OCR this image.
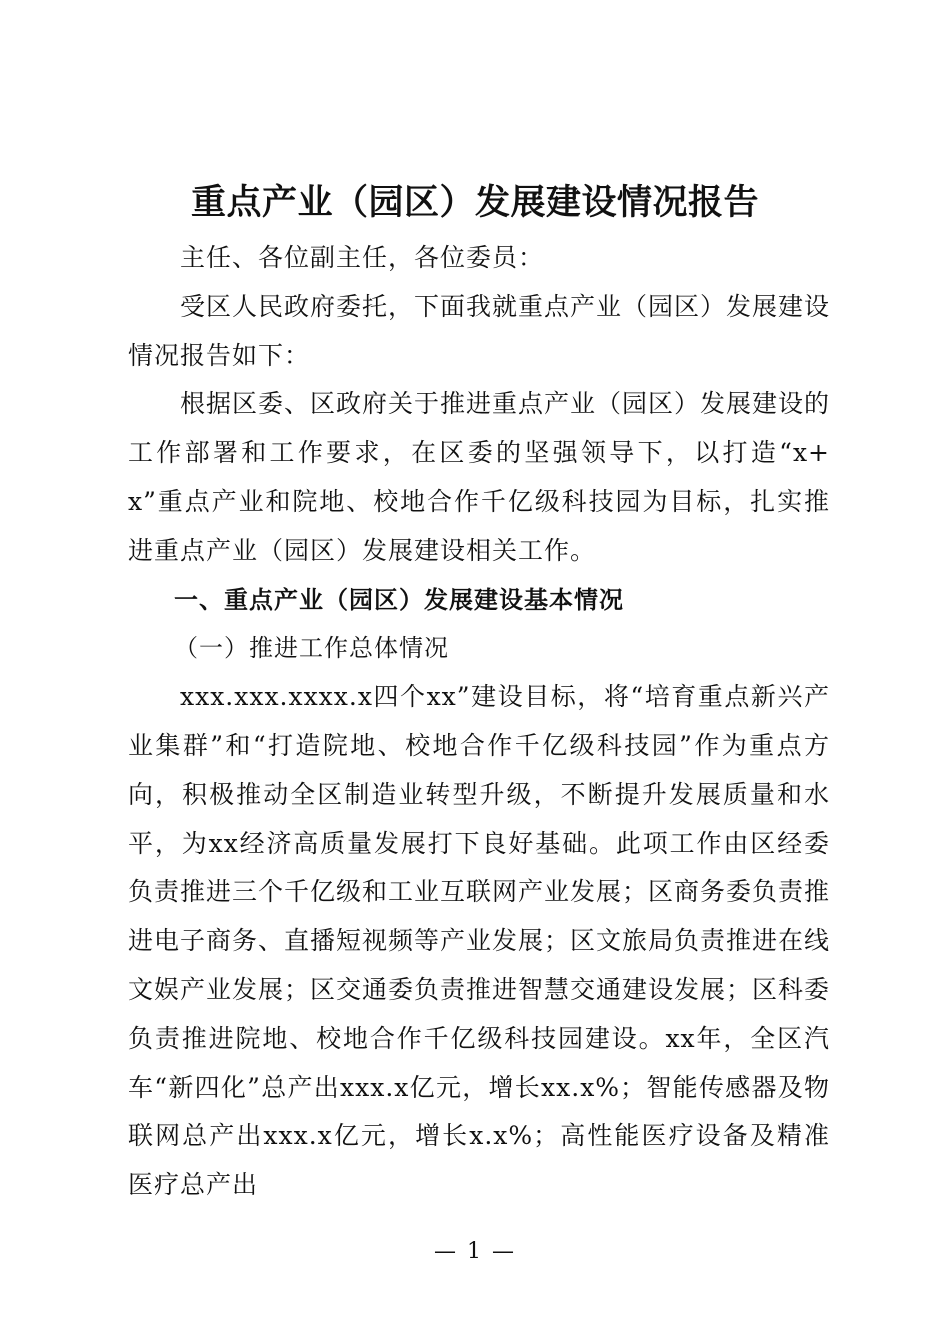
重点产业（园区）发展建设情况报告

主任、各位副主任，各位委员：

受区人民政府委托，下面我就重点产业（园区）发展建设情况报告如下：

根据区委、区政府关于推进重点产业（园区）发展建设的工作部署和工作要求，在区委的坚强领导下，以打造“x+x”重点产业和院地、校地合作千亿级科技园为目标，扎实推进重点产业（园区）发展建设相关工作。

一、重点产业（园区）发展建设基本情况

（一）推进工作总体情况

xxx.xxx.xxxx.x四个xx”建设目标，将“培育重点新兴产业集群”和“打造院地、校地合作千亿级科技园”作为重点方向，积极推动全区制造业转型升级，不断提升发展质量和水平，为xx经济高质量发展打下良好基础。此项工作由区经委负责推进三个千亿级和工业互联网产业发展；区商务委负责推进电子商务、直播短视频等产业发展；区文旅局负责推进在线文娱产业发展；区交通委负责推进智慧交通建设发展；区科委负责推进院地、校地合作千亿级科技园建设。xx年，全区汽车“新四化”总产出xxx.x亿元，增长xx.x%；智能传感器及物联网总产出xxx.x亿元，增长x.x%；高性能医疗设备及精准医疗总产出

— 1 —
